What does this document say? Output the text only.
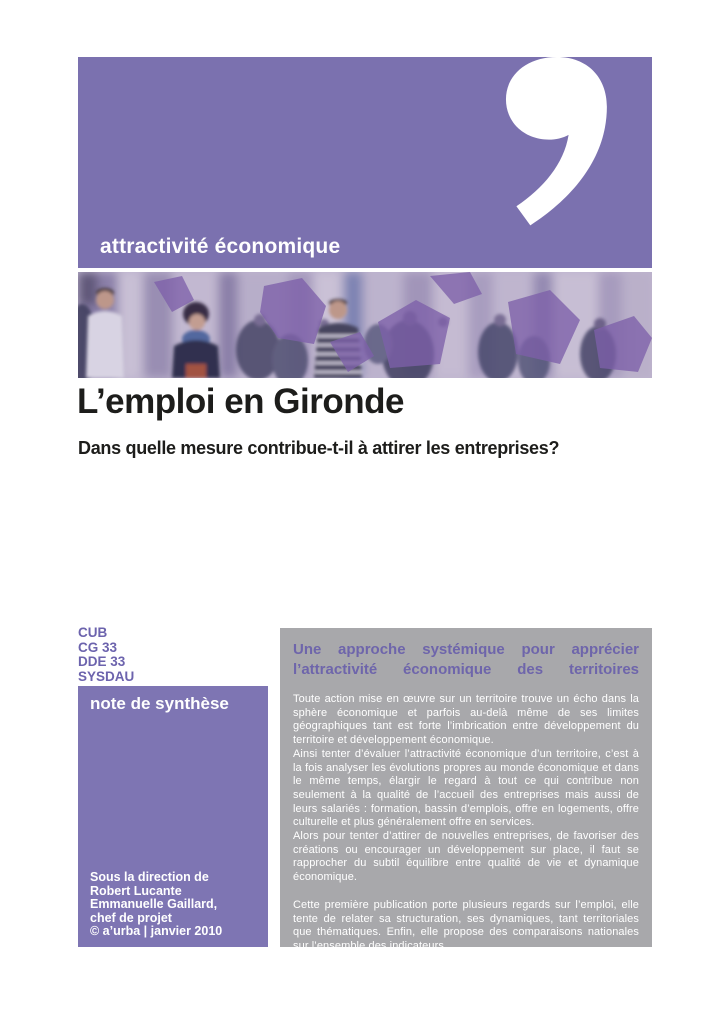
attractivité économique
L’emploi en Gironde
Dans quelle mesure contribue-t-il à attirer les entreprises?
CUB
CG 33
DDE 33
SYSDAU
note de synthèse
Sous la direction de
Robert Lucante
Emmanuelle Gaillard,
chef de projet
© a’urba | janvier 2010
Une approche systémique pour apprécier
l’attractivité économique des territoires

Toute action mise en œuvre sur un territoire trouve un écho dans la sphère économique et parfois au-delà même de ses limites géographiques tant est forte l’imbrication entre développement du territoire et développement économique.

Ainsi tenter d’évaluer l’attractivité économique d’un territoire, c’est à la fois analyser les évolutions propres au monde économique et dans le même temps, élargir le regard à tout ce qui contribue non seulement à la qualité de l’accueil des entreprises mais aussi de leurs salariés : formation, bassin d’emplois, offre en logements, offre culturelle et plus généralement offre en services.

Alors pour tenter d’attirer de nouvelles entreprises, de favoriser des créations ou encourager un développement sur place, il faut se rapprocher du subtil équilibre entre qualité de vie et dynamique économique.

Cette première publication porte plusieurs regards sur l’emploi, elle tente de relater sa structuration, ses dynamiques, tant territoriales que thématiques. Enfin, elle propose des comparaisons nationales sur l’ensemble des indicateurs.
